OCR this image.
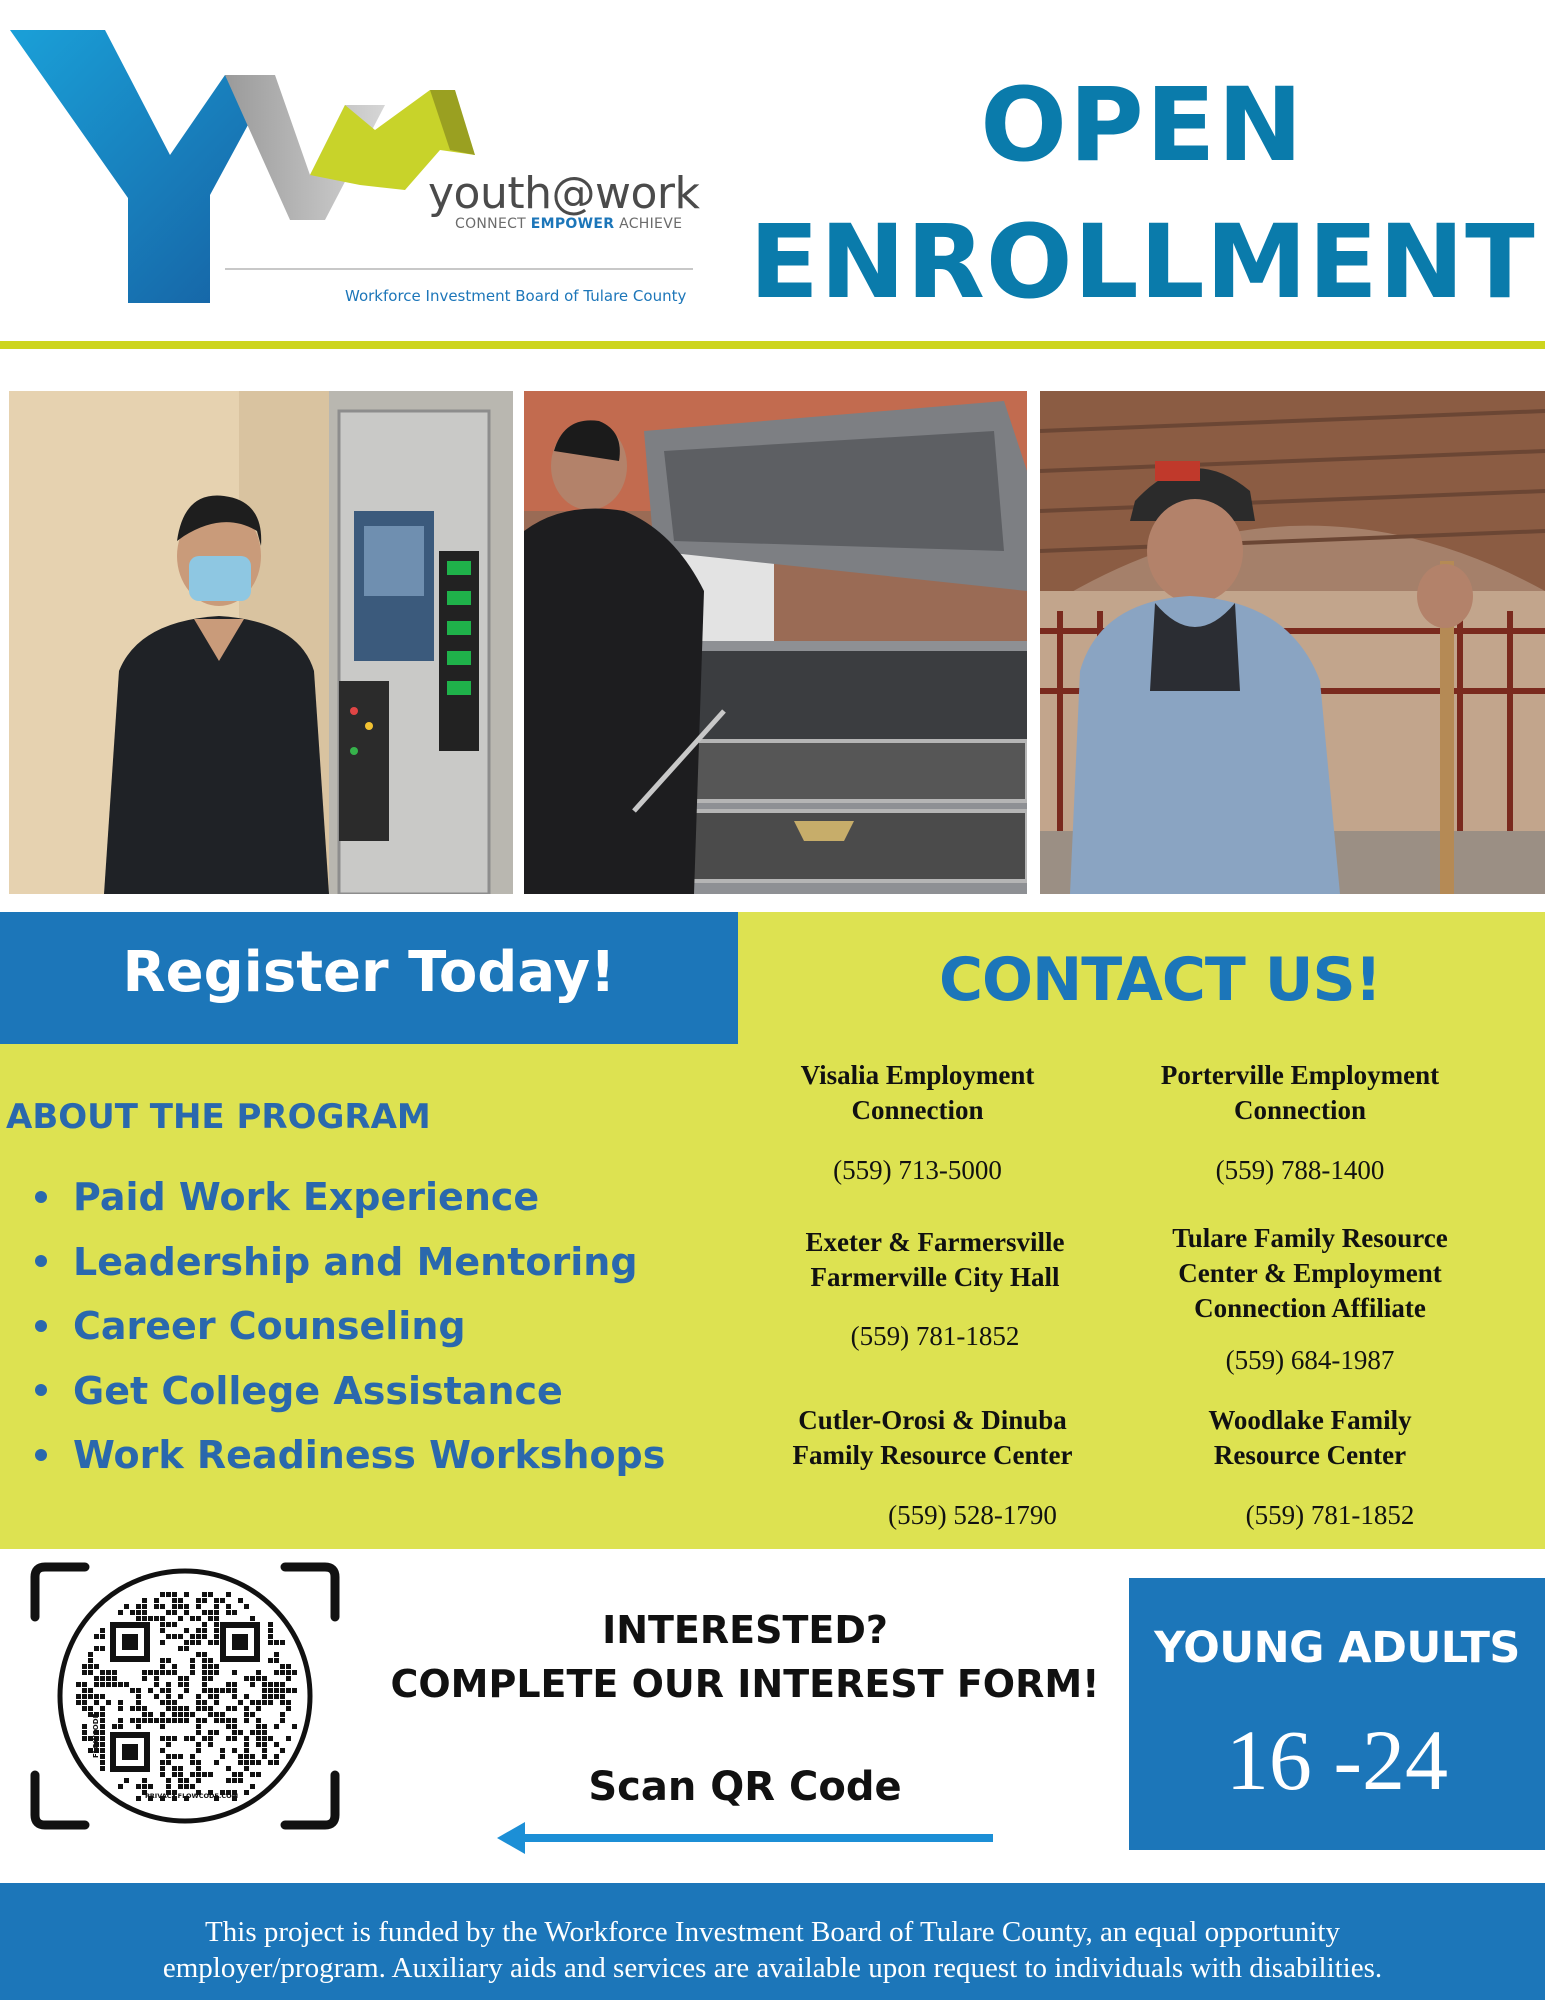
youth@work
CONNECT EMPOWER ACHIEVE
Workforce Investment Board of Tulare County
OPEN
ENROLLMENT
Register Today!	CONTACT US!
ABOUT THE PROGRAM
Paid Work Experience
Leadership and Mentoring
Career Counseling
Get College Assistance
Work Readiness Workshops
Visalia Employment
Connection
(559) 713-5000
Porterville Employment
Connection
(559) 788-1400
Exeter & Farmersville
Farmerville City Hall
(559) 781-1852
Tulare Family Resource
Center & Employment
Connection Affiliate
(559) 684-1987
Cutler-Orosi & Dinuba
Family Resource Center
(559) 528-1790
Woodlake Family
Resource Center
(559) 781-1852
FLOWCODE
PRIVACY.FLOWCODE.COM
INTERESTED?
COMPLETE OUR INTEREST FORM!
Scan QR Code
YOUNG ADULTS
16 -24
This project is funded by the Workforce Investment Board of Tulare County, an equal opportunity
employer/program. Auxiliary aids and services are available upon request to individuals with disabilities.
